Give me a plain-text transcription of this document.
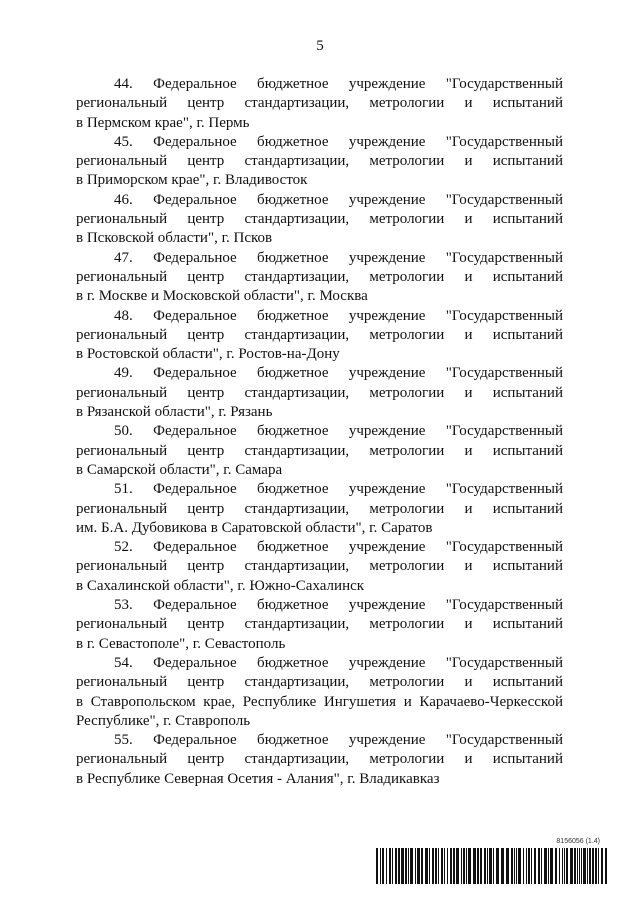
5
44. Федеральное бюджетное учреждение "Государственный
региональный центр стандартизации, метрологии и испытаний
в Пермском крае", г. Пермь
45. Федеральное бюджетное учреждение "Государственный
региональный центр стандартизации, метрологии и испытаний
в Приморском крае", г. Владивосток
46. Федеральное бюджетное учреждение "Государственный
региональный центр стандартизации, метрологии и испытаний
в Псковской области", г. Псков
47. Федеральное бюджетное учреждение "Государственный
региональный центр стандартизации, метрологии и испытаний
в г. Москве и Московской области", г. Москва
48. Федеральное бюджетное учреждение "Государственный
региональный центр стандартизации, метрологии и испытаний
в Ростовской области", г. Ростов-на-Дону
49. Федеральное бюджетное учреждение "Государственный
региональный центр стандартизации, метрологии и испытаний
в Рязанской области", г. Рязань
50. Федеральное бюджетное учреждение "Государственный
региональный центр стандартизации, метрологии и испытаний
в Самарской области", г. Самара
51. Федеральное бюджетное учреждение "Государственный
региональный центр стандартизации, метрологии и испытаний
им. Б.А. Дубовикова в Саратовской области", г. Саратов
52. Федеральное бюджетное учреждение "Государственный
региональный центр стандартизации, метрологии и испытаний
в Сахалинской области", г. Южно-Сахалинск
53. Федеральное бюджетное учреждение "Государственный
региональный центр стандартизации, метрологии и испытаний
в г. Севастополе", г. Севастополь
54. Федеральное бюджетное учреждение "Государственный
региональный центр стандартизации, метрологии и испытаний
в Ставропольском крае, Республике Ингушетия и Карачаево-Черкесской
Республике", г. Ставрополь
55. Федеральное бюджетное учреждение "Государственный
региональный центр стандартизации, метрологии и испытаний
в Республике Северная Осетия - Алания", г. Владикавказ
8156056 (1.4)
